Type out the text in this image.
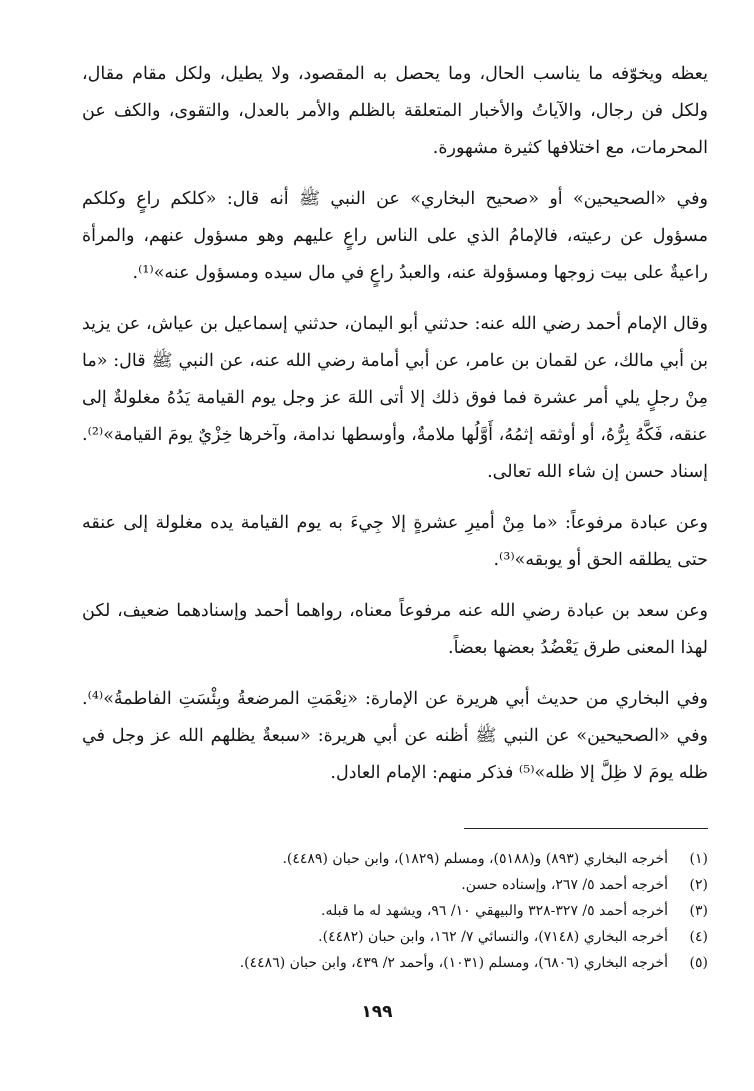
يعظه ويخوّفه ما يناسب الحال، وما يحصل به المقصود، ولا يطيل، ولكل مقام مقال، ولكل فن رجال، والآياتُ والأخبار المتعلقة بالظلم والأمر بالعدل، والتقوى، والكف عن المحرمات، مع اختلافها كثيرة مشهورة.

وفي «الصحيحين» أو «صحيح البخاري» عن النبي ﷺ أنه قال: «كلكم راعٍ وكلكم مسؤول عن رعيته، فالإمامُ الذي على الناس راعٍ عليهم وهو مسؤول عنهم، والمرأة راعيةٌ على بيت زوجها ومسؤولة عنه، والعبدُ راعٍ في مال سيده ومسؤول عنه»⁽¹⁾.

وقال الإمام أحمد رضي الله عنه: حدثني أبو اليمان، حدثني إسماعيل بن عياش، عن يزيد بن أبي مالك، عن لقمان بن عامر، عن أبي أمامة رضي الله عنه، عن النبي ﷺ قال: «ما مِنْ رجلٍ يلي أمر عشرة فما فوق ذلك إلا أتى اللهَ عز وجل يوم القيامة يَدُهُ مغلولةٌ إلى عنقه، فَكَّهُ بِرُّهُ، أو أوثقه إثمُهُ، أَوَّلُها ملامةٌ، وأوسطها ندامة، وآخرها خِزْيٌ يومَ القيامة»⁽²⁾. إسناد حسن إن شاء الله تعالى.

وعن عبادة مرفوعاً: «ما مِنْ أميرِ عشرةٍ إلا جِيءَ به يوم القيامة يده مغلولة إلى عنقه حتى يطلقه الحق أو يوبقه»⁽³⁾.

وعن سعد بن عبادة رضي الله عنه مرفوعاً معناه، رواهما أحمد وإسنادهما ضعيف، لكن لهذا المعنى طرق يَعْضُدُ بعضها بعضاً.

وفي البخاري من حديث أبي هريرة عن الإمارة: «نِعْمَتِ المرضعةُ وبِئْسَتِ الفاطمةُ»⁽⁴⁾. وفي «الصحيحين» عن النبي ﷺ أظنه عن أبي هريرة: «سبعةٌ يظلهم الله عز وجل في ظله يومَ لا ظِلَّ إلا ظله»⁽⁵⁾ فذكر منهم: الإمام العادل.

(١)
أخرجه البخاري (٨٩٣) و(٥١٨٨)، ومسلم (١٨٢٩)، وابن حبان (٤٤٨٩).
(٢)
أخرجه أحمد ٥/ ٢٦٧، وإسناده حسن.
(٣)
أخرجه أحمد ٥/ ٣٢٧-٣٢٨ والبيهقي ١٠/ ٩٦، ويشهد له ما قبله.
(٤)
أخرجه البخاري (٧١٤٨)، والنسائي ٧/ ١٦٢، وابن حبان (٤٤٨٢).
(٥)
أخرجه البخاري (٦٨٠٦)، ومسلم (١٠٣١)، وأحمد ٢/ ٤٣٩، وابن حبان (٤٤٨٦).
١٩٩
